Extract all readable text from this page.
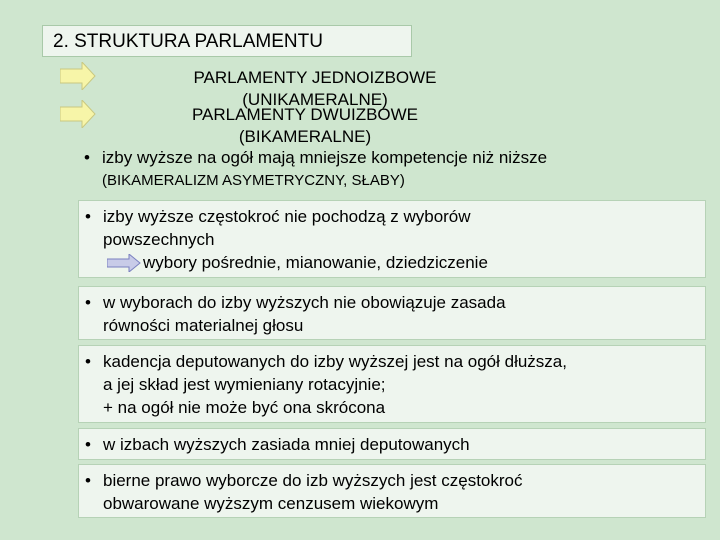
2. STRUKTURA PARLAMENTU
PARLAMENTY JEDNOIZBOWE
(UNIKAMERALNE)
PARLAMENTY DWUIZBOWE
(BIKAMERALNE)
• izby wyższe na ogół mają mniejsze kompetencje niż niższe
(BIKAMERALIZM ASYMETRYCZNY, SŁABY)
• izby wyższe częstokroć nie pochodzą z wyborów
powszechnych
wybory pośrednie, mianowanie, dziedziczenie
• w wyborach do izby wyższych nie obowiązuje zasada
równości materialnej głosu
• kadencja deputowanych do izby wyższej jest na ogół dłuższa,
a jej skład jest wymieniany rotacyjnie;
+ na ogół nie może być ona skrócona
• w izbach wyższych zasiada mniej deputowanych
• bierne prawo wyborcze do izb wyższych jest częstokroć
obwarowane wyższym cenzusem wiekowym
